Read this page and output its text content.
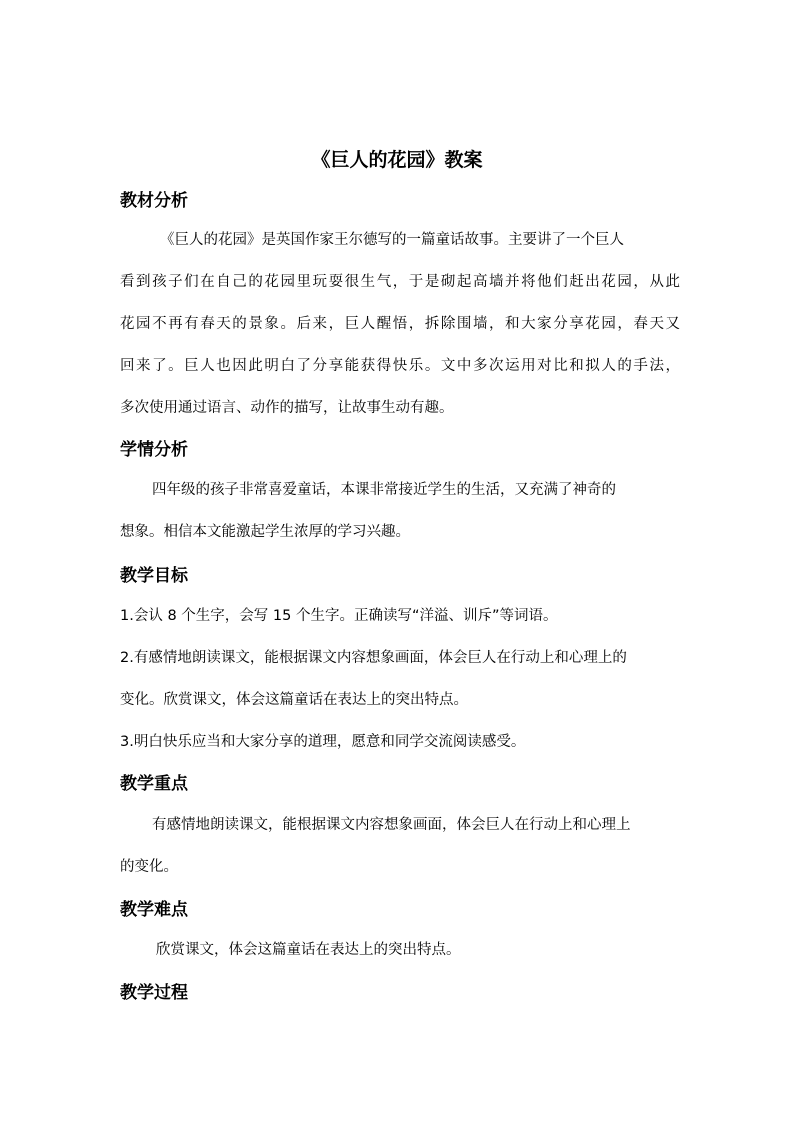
《巨人的花园》教案
教材分析
《巨人的花园》是英国作家王尔德写的一篇童话故事。主要讲了一个巨人
看到孩子们在自己的花园里玩耍很生气，于是砌起高墙并将他们赶出花园，从此
花园不再有春天的景象。后来，巨人醒悟，拆除围墙，和大家分享花园，春天又
回来了。巨人也因此明白了分享能获得快乐。文中多次运用对比和拟人的手法，
多次使用通过语言、动作的描写，让故事生动有趣。
学情分析
四年级的孩子非常喜爱童话，本课非常接近学生的生活，又充满了神奇的
想象。相信本文能激起学生浓厚的学习兴趣。
教学目标
1.会认 8 个生字，会写 15 个生字。正确读写“洋溢、训斥”等词语。
2.有感情地朗读课文，能根据课文内容想象画面，体会巨人在行动上和心理上的
变化。欣赏课文，体会这篇童话在表达上的突出特点。
3.明白快乐应当和大家分享的道理，愿意和同学交流阅读感受。
教学重点
有感情地朗读课文，能根据课文内容想象画面，体会巨人在行动上和心理上
的变化。
教学难点
欣赏课文，体会这篇童话在表达上的突出特点。
教学过程
